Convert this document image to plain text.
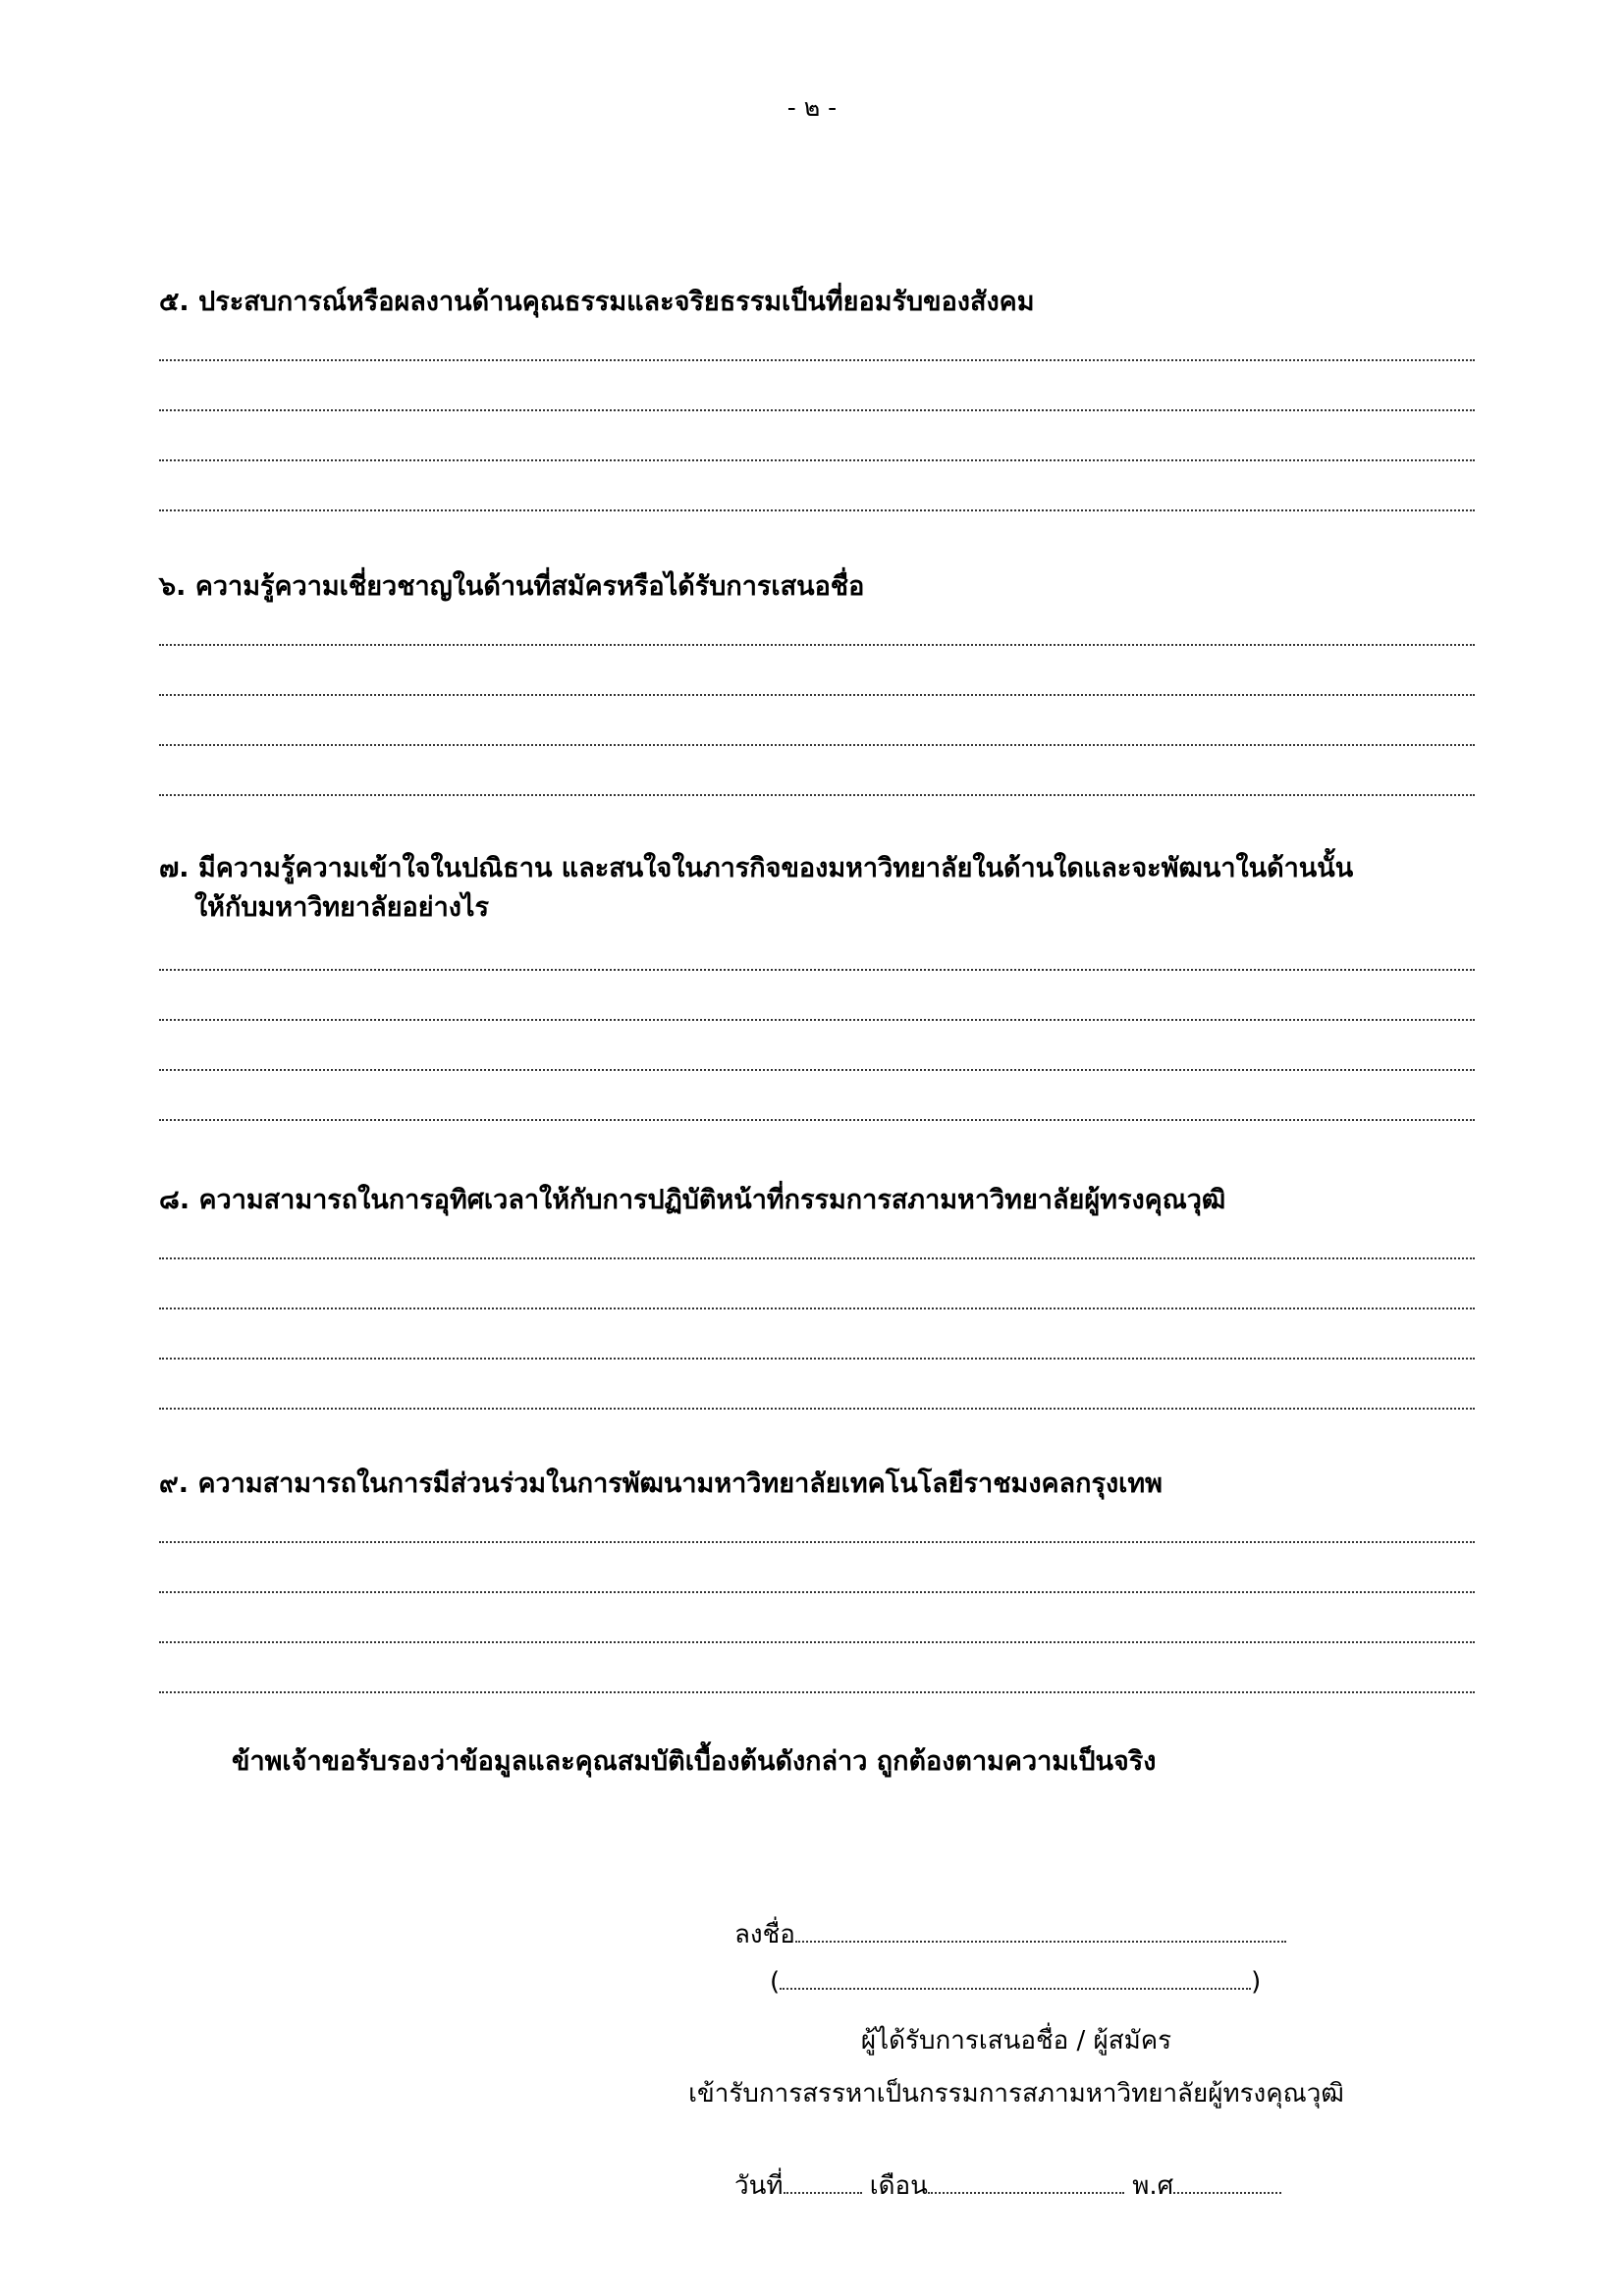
- ๒ -

๕. ประสบการณ์หรือผลงานด้านคุณธรรมและจริยธรรมเป็นที่ยอมรับของสังคม

๖. ความรู้ความเชี่ยวชาญในด้านที่สมัครหรือได้รับการเสนอชื่อ

๗. มีความรู้ความเข้าใจในปณิธาน และสนใจในภารกิจของมหาวิทยาลัยในด้านใดและจะพัฒนาในด้านนั้น

ให้กับมหาวิทยาลัยอย่างไร

๘. ความสามารถในการอุทิศเวลาให้กับการปฏิบัติหน้าที่กรรมการสภามหาวิทยาลัยผู้ทรงคุณวุฒิ

๙. ความสามารถในการมีส่วนร่วมในการพัฒนามหาวิทยาลัยเทคโนโลยีราชมงคลกรุงเทพ

ข้าพเจ้าขอรับรองว่าข้อมูลและคุณสมบัติเบื้องต้นดังกล่าว ถูกต้องตามความเป็นจริง
ลงชื่อ
(	)
ผู้ได้รับการเสนอชื่อ / ผู้สมัคร
เข้ารับการสรรหาเป็นกรรมการสภามหาวิทยาลัยผู้ทรงคุณวุฒิ
วันที่	เดือน	พ.ศ
